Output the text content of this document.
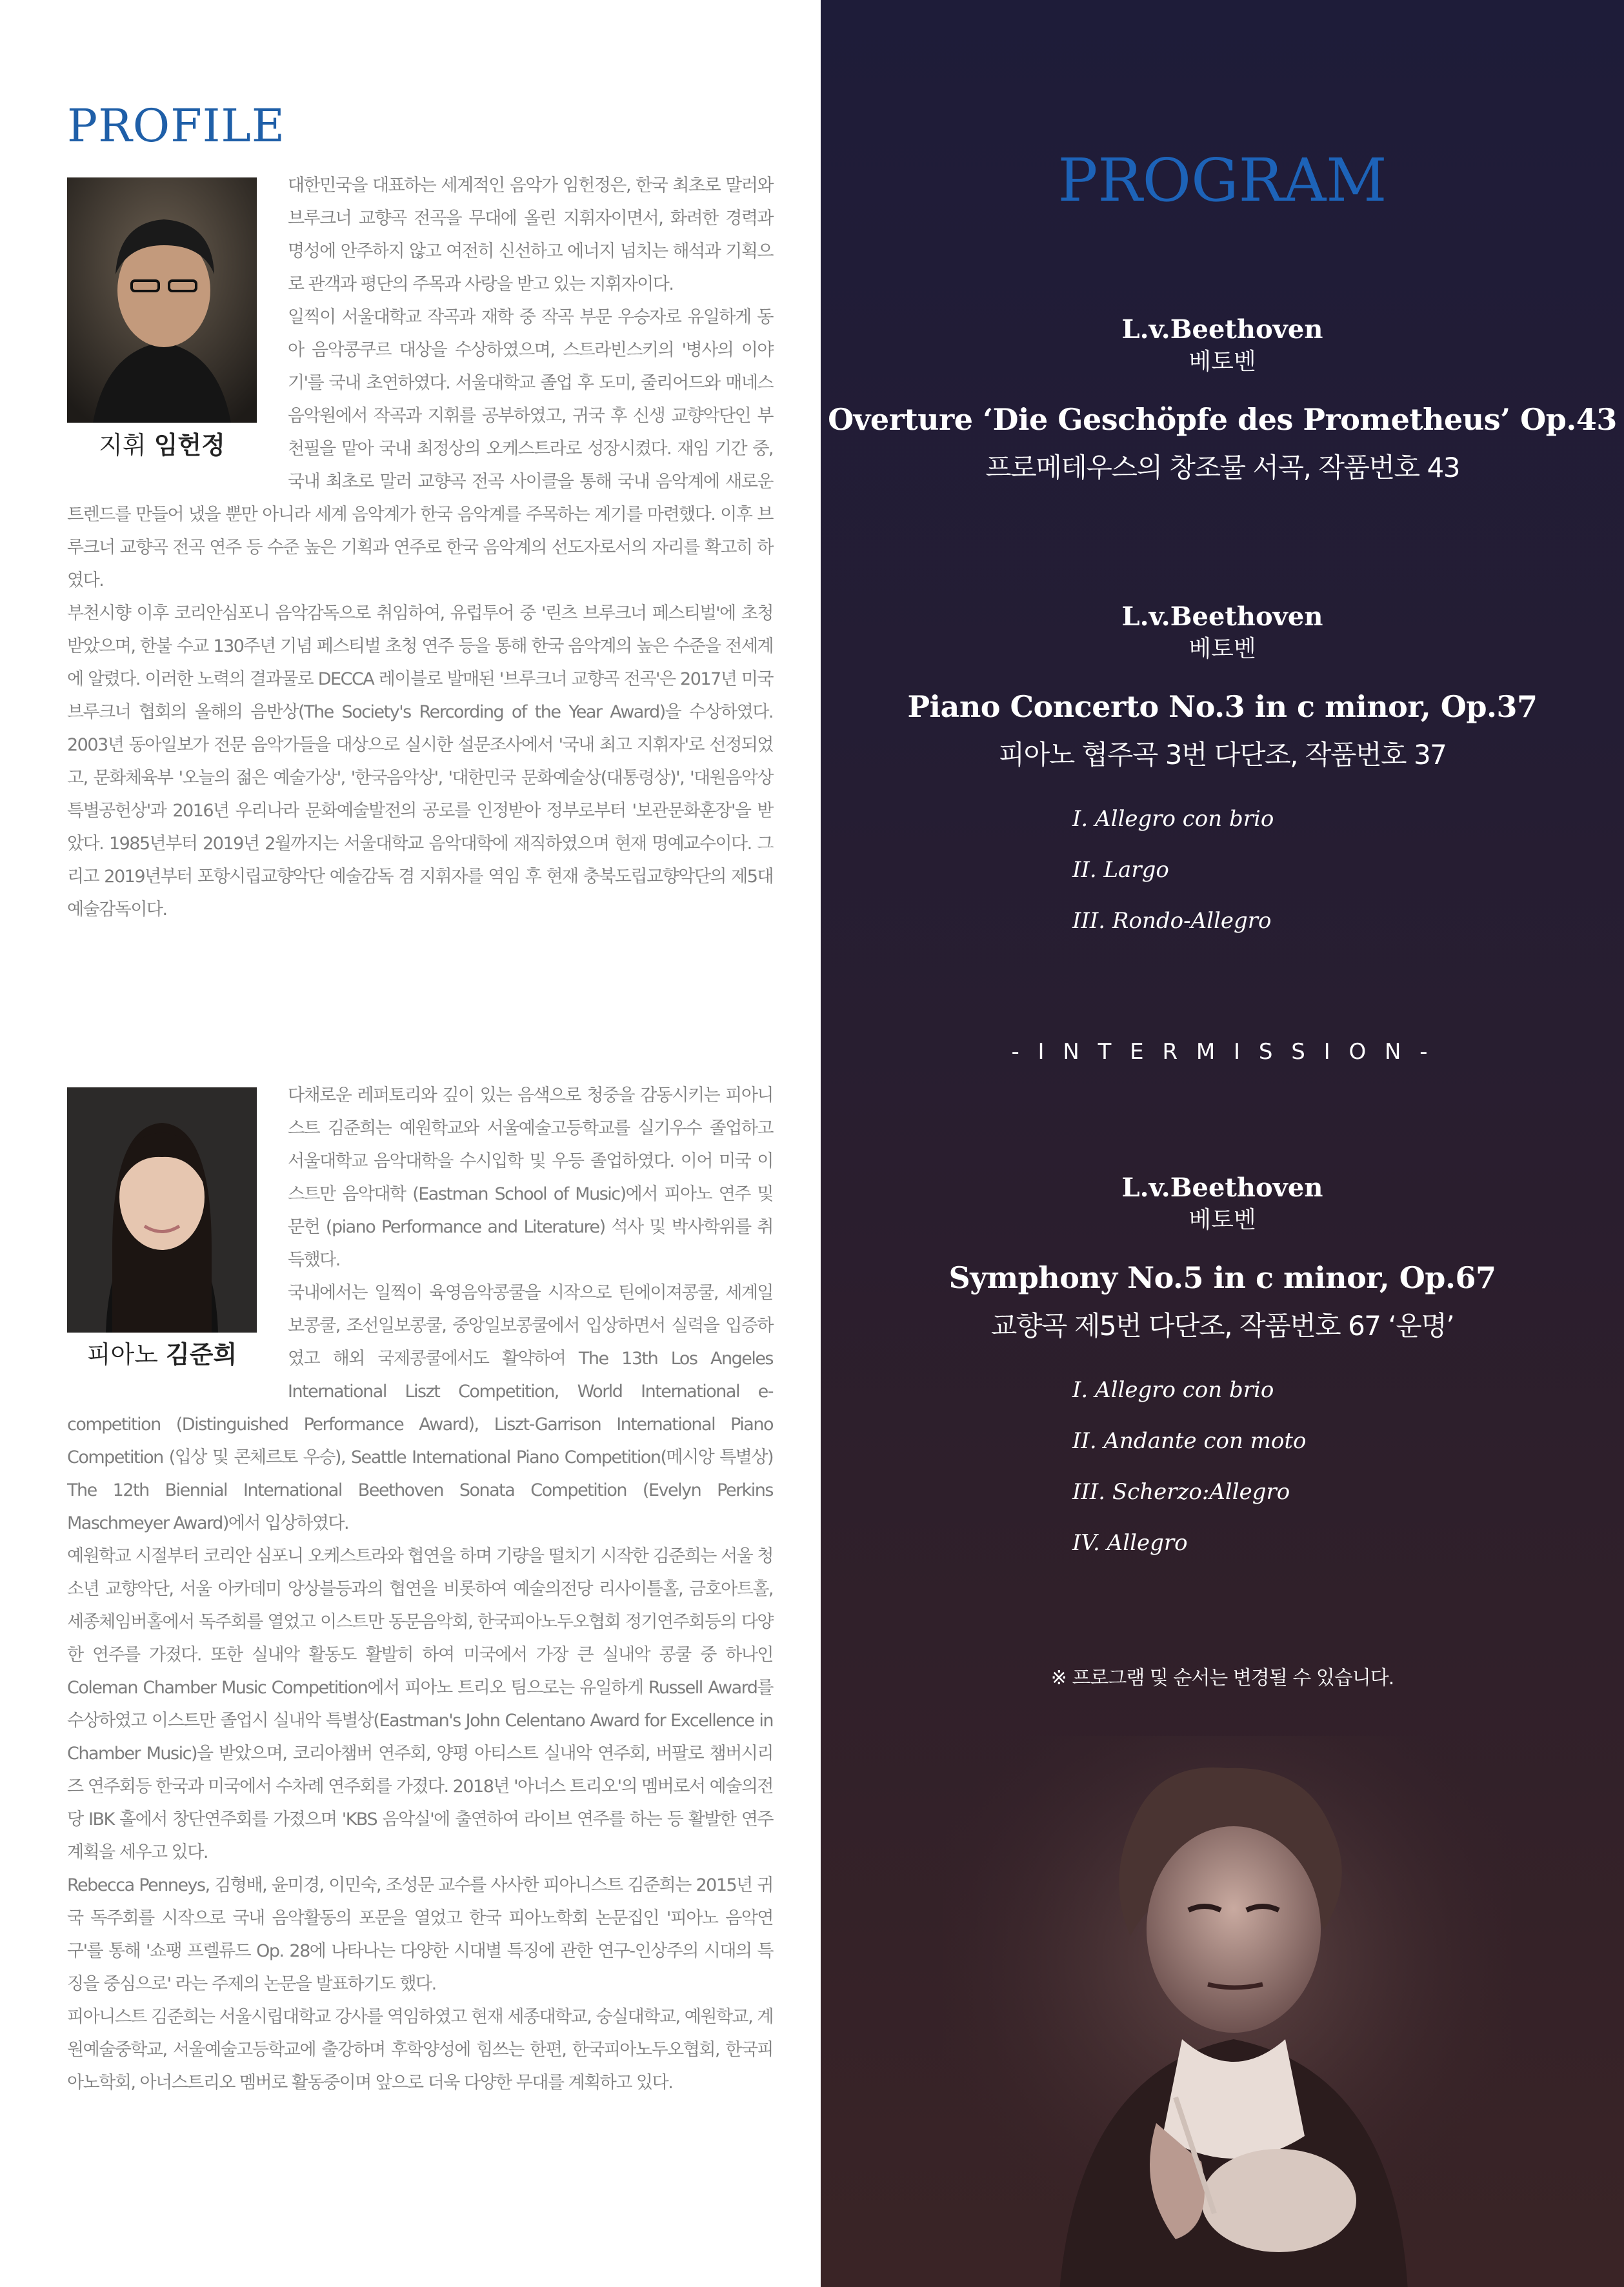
PROFILE

지휘 임헌정

대한민국을 대표하는 세계적인 음악가 임헌정은, 한국 최초로 말러와 브루크너 교향곡 전곡을 무대에 올린 지휘자이면서, 화려한 경력과 명성에 안주하지 않고 여전히 신선하고 에너지 넘치는 해석과 기획으로 관객과 평단의 주목과 사랑을 받고 있는 지휘자이다.

일찍이 서울대학교 작곡과 재학 중 작곡 부문 우승자로 유일하게 동아 음악콩쿠르 대상을 수상하였으며, 스트라빈스키의 '병사의 이야기'를 국내 초연하였다. 서울대학교 졸업 후 도미, 줄리어드와 매네스 음악원에서 작곡과 지휘를 공부하였고, 귀국 후 신생 교향악단인 부천필을 맡아 국내 최정상의 오케스트라로 성장시켰다. 재임 기간 중, 국내 최초로 말러 교향곡 전곡 사이클을 통해 국내 음악계에 새로운 트렌드를 만들어 냈을 뿐만 아니라 세계 음악계가 한국 음악계를 주목하는 계기를 마련했다. 이후 브루크너 교향곡 전곡 연주 등 수준 높은 기획과 연주로 한국 음악계의 선도자로서의 자리를 확고히 하였다.

부천시향 이후 코리안심포니 음악감독으로 취임하여, 유럽투어 중 '린츠 브루크너 페스티벌'에 초청받았으며, 한불 수교 130주년 기념 페스티벌 초청 연주 등을 통해 한국 음악계의 높은 수준을 전세계에 알렸다. 이러한 노력의 결과물로 DECCA 레이블로 발매된 '브루크너 교향곡 전곡'은 2017년 미국 브루크너 협회의 올해의 음반상(The Society's Rercording of the Year Award)을 수상하였다. 2003년 동아일보가 전문 음악가들을 대상으로 실시한 설문조사에서 '국내 최고 지휘자'로 선정되었고, 문화체육부 '오늘의 젊은 예술가상', '한국음악상', '대한민국 문화예술상(대통령상)', '대원음악상 특별공헌상'과 2016년 우리나라 문화예술발전의 공로를 인정받아 정부로부터 '보관문화훈장'을 받았다. 1985년부터 2019년 2월까지는 서울대학교 음악대학에 재직하였으며 현재 명예교수이다. 그리고 2019년부터 포항시립교향악단 예술감독 겸 지휘자를 역임 후 현재 충북도립교향악단의 제5대 예술감독이다.

피아노 김준희

다채로운 레퍼토리와 깊이 있는 음색으로 청중을 감동시키는 피아니스트 김준희는 예원학교와 서울예술고등학교를 실기우수 졸업하고 서울대학교 음악대학을 수시입학 및 우등 졸업하였다. 이어 미국 이스트만 음악대학 (Eastman School of Music)에서 피아노 연주 및 문헌 (piano Performance and Literature) 석사 및 박사학위를 취득했다.

국내에서는 일찍이 육영음악콩쿨을 시작으로 틴에이져콩쿨, 세계일보콩쿨, 조선일보콩쿨, 중앙일보콩쿨에서 입상하면서 실력을 입증하였고 해외 국제콩쿨에서도 활약하여 The 13th Los Angeles International Liszt Competition, World International e-competition (Distinguished Performance Award), Liszt-Garrison International Piano Competition (입상 및 콘체르토 우승), Seattle International Piano Competition(메시앙 특별상) The 12th Biennial International Beethoven Sonata Competition (Evelyn Perkins Maschmeyer Award)에서 입상하였다.

예원학교 시절부터 코리안 심포니 오케스트라와 협연을 하며 기량을 떨치기 시작한 김준희는 서울 청소년 교향악단, 서울 아카데미 앙상블등과의 협연을 비롯하여 예술의전당 리사이틀홀, 금호아트홀, 세종체임버홀에서 독주회를 열었고 이스트만 동문음악회, 한국피아노두오협회 정기연주회등의 다양한 연주를 가졌다. 또한 실내악 활동도 활발히 하여 미국에서 가장 큰 실내악 콩쿨 중 하나인 Coleman Chamber Music Competition에서 피아노 트리오 팀으로는 유일하게 Russell Award를 수상하였고 이스트만 졸업시 실내악 특별상(Eastman's John Celentano Award for Excellence in Chamber Music)을 받았으며, 코리아챔버 연주회, 양평 아티스트 실내악 연주회, 버팔로 챔버시리즈 연주회등 한국과 미국에서 수차례 연주회를 가졌다. 2018년 '아너스 트리오'의 멤버로서 예술의전당 IBK 홀에서 창단연주회를 가졌으며 'KBS 음악실'에 출연하여 라이브 연주를 하는 등 활발한 연주 계획을 세우고 있다.

Rebecca Penneys, 김형배, 윤미경, 이민숙, 조성문 교수를 사사한 피아니스트 김준희는 2015년 귀국 독주회를 시작으로 국내 음악활동의 포문을 열었고 한국 피아노학회 논문집인 '피아노 음악연구'를 통해 '쇼팽 프렐류드 Op. 28에 나타나는 다양한 시대별 특징에 관한 연구-인상주의 시대의 특징을 중심으로' 라는 주제의 논문을 발표하기도 했다.

피아니스트 김준희는 서울시립대학교 강사를 역임하였고 현재 세종대학교, 숭실대학교, 예원학교, 계원예술중학교, 서울예술고등학교에 출강하며 후학양성에 힘쓰는 한편, 한국피아노두오협회, 한국피아노학회, 아너스트리오 멤버로 활동중이며 앞으로 더욱 다양한 무대를 계획하고 있다.

PROGRAM
L.v.Beethoven
베토벤
Overture ‘Die Geschöpfe des Prometheus’ Op.43
프로메테우스의 창조물 서곡, 작품번호 43
L.v.Beethoven
베토벤
Piano Concerto No.3 in c minor, Op.37
피아노 협주곡 3번 다단조, 작품번호 37
I. Allegro con brio
II. Largo
III. Rondo-Allegro
- I N T E R M I S S I O N -
L.v.Beethoven
베토벤
Symphony No.5 in c minor, Op.67
교향곡 제5번 다단조, 작품번호 67 ‘운명’
I. Allegro con brio
II. Andante con moto
III. Scherzo:Allegro
IV. Allegro
※ 프로그램 및 순서는 변경될 수 있습니다.
